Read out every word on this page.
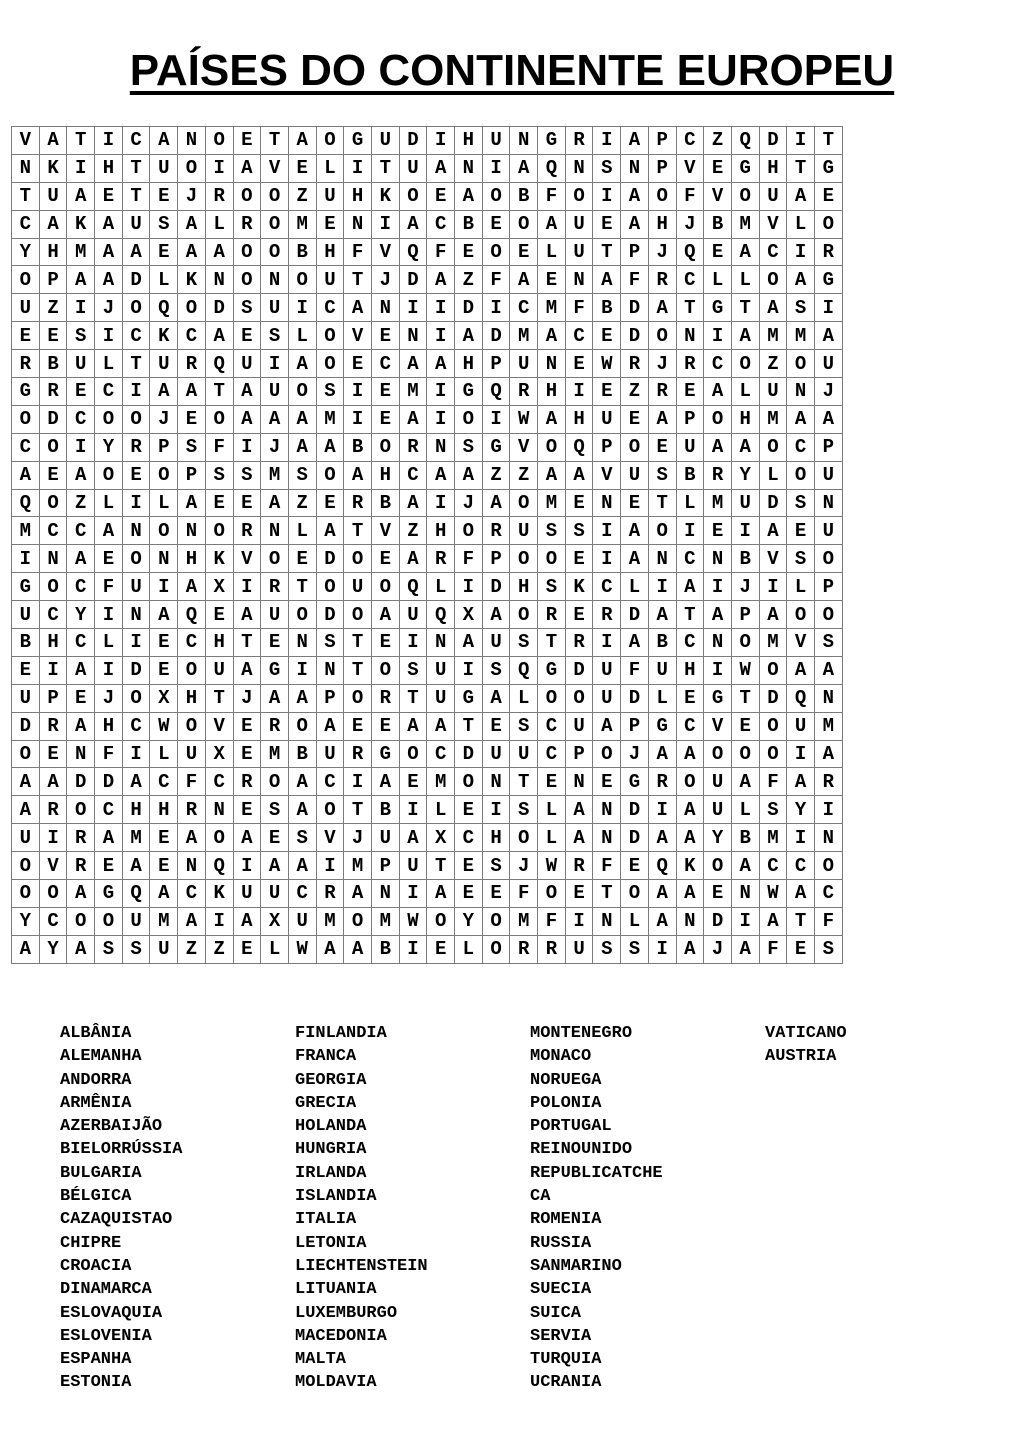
PAÍSES DO CONTINENTE EUROPEU
V	A	T	I	C	A	N	O	E	T	A	O	G	U	D	I	H	U	N	G	R	I	A	P	C	Z	Q	D	I	T
N	K	I	H	T	U	O	I	A	V	E	L	I	T	U	A	N	I	A	Q	N	S	N	P	V	E	G	H	T	G
T	U	A	E	T	E	J	R	O	O	Z	U	H	K	O	E	A	O	B	F	O	I	A	O	F	V	O	U	A	E
C	A	K	A	U	S	A	L	R	O	M	E	N	I	A	C	B	E	O	A	U	E	A	H	J	B	M	V	L	O
Y	H	M	A	A	E	A	A	O	O	B	H	F	V	Q	F	E	O	E	L	U	T	P	J	Q	E	A	C	I	R
O	P	A	A	D	L	K	N	O	N	O	U	T	J	D	A	Z	F	A	E	N	A	F	R	C	L	L	O	A	G
U	Z	I	J	O	Q	O	D	S	U	I	C	A	N	I	I	D	I	C	M	F	B	D	A	T	G	T	A	S	I
E	E	S	I	C	K	C	A	E	S	L	O	V	E	N	I	A	D	M	A	C	E	D	O	N	I	A	M	M	A
R	B	U	L	T	U	R	Q	U	I	A	O	E	C	A	A	H	P	U	N	E	W	R	J	R	C	O	Z	O	U
G	R	E	C	I	A	A	T	A	U	O	S	I	E	M	I	G	Q	R	H	I	E	Z	R	E	A	L	U	N	J
O	D	C	O	O	J	E	O	A	A	A	M	I	E	A	I	O	I	W	A	H	U	E	A	P	O	H	M	A	A
C	O	I	Y	R	P	S	F	I	J	A	A	B	O	R	N	S	G	V	O	Q	P	O	E	U	A	A	O	C	P
A	E	A	O	E	O	P	S	S	M	S	O	A	H	C	A	A	Z	Z	A	A	V	U	S	B	R	Y	L	O	U
Q	O	Z	L	I	L	A	E	E	A	Z	E	R	B	A	I	J	A	O	M	E	N	E	T	L	M	U	D	S	N
M	C	C	A	N	O	N	O	R	N	L	A	T	V	Z	H	O	R	U	S	S	I	A	O	I	E	I	A	E	U
I	N	A	E	O	N	H	K	V	O	E	D	O	E	A	R	F	P	O	O	E	I	A	N	C	N	B	V	S	O
G	O	C	F	U	I	A	X	I	R	T	O	U	O	Q	L	I	D	H	S	K	C	L	I	A	I	J	I	L	P
U	C	Y	I	N	A	Q	E	A	U	O	D	O	A	U	Q	X	A	O	R	E	R	D	A	T	A	P	A	O	O
B	H	C	L	I	E	C	H	T	E	N	S	T	E	I	N	A	U	S	T	R	I	A	B	C	N	O	M	V	S
E	I	A	I	D	E	O	U	A	G	I	N	T	O	S	U	I	S	Q	G	D	U	F	U	H	I	W	O	A	A
U	P	E	J	O	X	H	T	J	A	A	P	O	R	T	U	G	A	L	O	O	U	D	L	E	G	T	D	Q	N
D	R	A	H	C	W	O	V	E	R	O	A	E	E	A	A	T	E	S	C	U	A	P	G	C	V	E	O	U	M
O	E	N	F	I	L	U	X	E	M	B	U	R	G	O	C	D	U	U	C	P	O	J	A	A	O	O	O	I	A
A	A	D	D	A	C	F	C	R	O	A	C	I	A	E	M	O	N	T	E	N	E	G	R	O	U	A	F	A	R
A	R	O	C	H	H	R	N	E	S	A	O	T	B	I	L	E	I	S	L	A	N	D	I	A	U	L	S	Y	I
U	I	R	A	M	E	A	O	A	E	S	V	J	U	A	X	C	H	O	L	A	N	D	A	A	Y	B	M	I	N
O	V	R	E	A	E	N	Q	I	A	A	I	M	P	U	T	E	S	J	W	R	F	E	Q	K	O	A	C	C	O
O	O	A	G	Q	A	C	K	U	U	C	R	A	N	I	A	E	E	F	O	E	T	O	A	A	E	N	W	A	C
Y	C	O	O	U	M	A	I	A	X	U	M	O	M	W	O	Y	O	M	F	I	N	L	A	N	D	I	A	T	F
A	Y	A	S	S	U	Z	Z	E	L	W	A	A	B	I	E	L	O	R	R	U	S	S	I	A	J	A	F	E	S
ALBÂNIA
ALEMANHA
ANDORRA
ARMÊNIA
AZERBAIJÃO
BIELORRÚSSIA
BULGARIA
BÉLGICA
CAZAQUISTAO
CHIPRE
CROACIA
DINAMARCA
ESLOVAQUIA
ESLOVENIA
ESPANHA
ESTONIA
FINLANDIA
FRANCA
GEORGIA
GRECIA
HOLANDA
HUNGRIA
IRLANDA
ISLANDIA
ITALIA
LETONIA
LIECHTENSTEIN
LITUANIA
LUXEMBURGO
MACEDONIA
MALTA
MOLDAVIA
MONTENEGRO
MONACO
NORUEGA
POLONIA
PORTUGAL
REINOUNIDO
REPUBLICATCHE
CA
ROMENIA
RUSSIA
SANMARINO
SUECIA
SUICA
SERVIA
TURQUIA
UCRANIA
VATICANO
AUSTRIA
